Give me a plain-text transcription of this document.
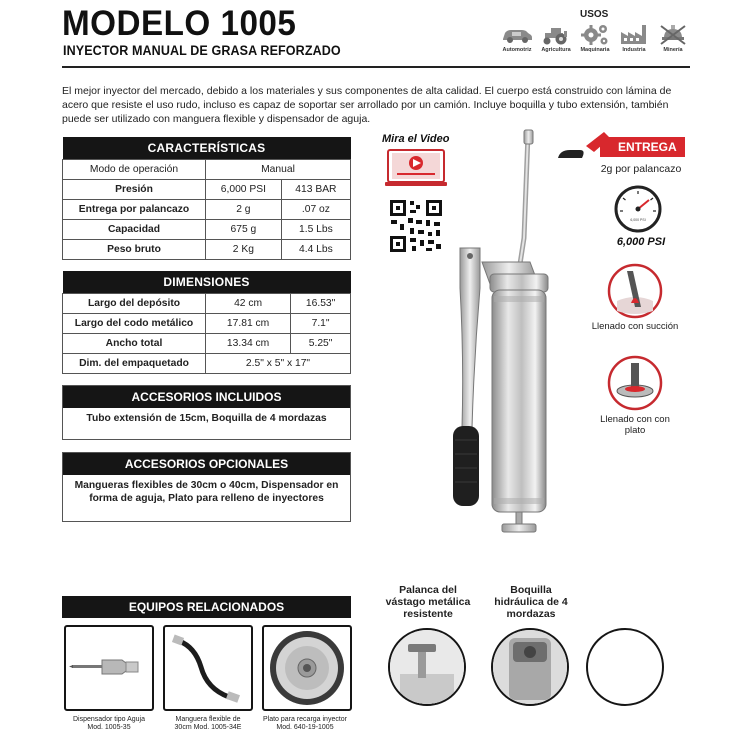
MODELO 1005
INYECTOR MANUAL DE GRASA REFORZADO
USOS
Automotriz	Agricultura	Maquinaria	Industria	Minería
El mejor inyector del mercado, debido a los materiales y sus componentes de alta calidad. El cuerpo está construido con lámina de acero que resiste el uso rudo, incluso es capaz de soportar ser arrollado por un camión. Incluye boquilla y tubo extensión, también puede ser utilizado con manguera flexible y dispensador de aguja.
CARACTERÍSTICAS		
Modo de operación	Manual	
Presión	6,000 PSI	413 BAR
Entrega por palancazo	2 g	.07 oz
Capacidad	675 g	1.5 Lbs
Peso bruto	2 Kg	4.4 Lbs
DIMENSIONES		
Largo del depósito	42 cm	16.53"
Largo del codo metálico	17.81 cm	7.1"
Ancho total	13.34 cm	5.25"
Dim. del empaquetado	2.5" x 5" x 17"	
ACCESORIOS INCLUIDOS
Tubo extensión de 15cm, Boquilla de 4 mordazas
ACCESORIOS OPCIONALES
Mangueras flexibles de 30cm o 40cm, Dispensador en forma de aguja, Plato para relleno de inyectores
EQUIPOS RELACIONADOS
Dispensador tipo Aguja
Mod. 1005-35
Manguera flexible de 30cm Mod. 1005-34E
Plato para recarga inyector
Mod. 640-19-1005
Mira el Video
ENTREGA
2g por palancazo
6,000 PSI
6,000 PSI
Llenado con succión
Llenado con con plato
Palanca del vástago metálica resistente
Boquilla hidráulica de 4 mordazas
